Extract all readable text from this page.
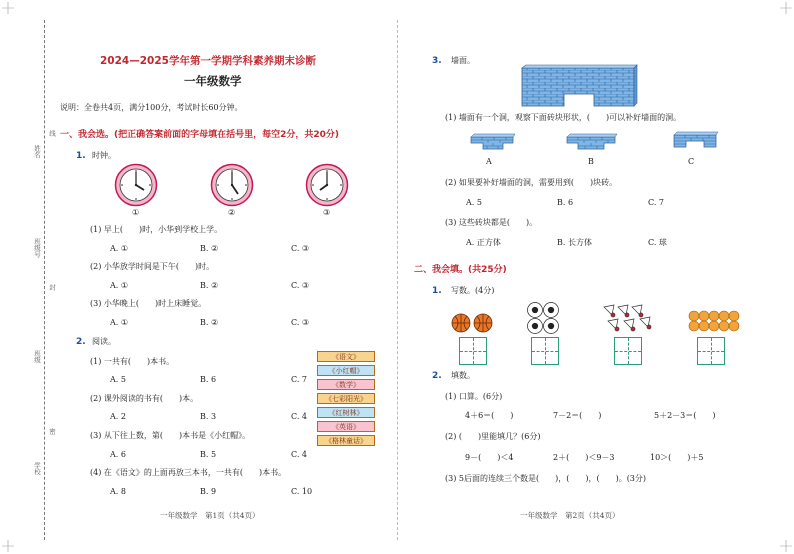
姓名
班级号
班级
学校
线
封
密
2024—2025学年第一学期学科素养期末诊断
一年级数学
说明：全卷共4页，满分100分，考试时长60分钟。
一、我会选。(把正确答案前面的字母填在括号里，每空2分，共20分)
1. 时钟。
①	②	③
(1) 早上(　　)时，小华到学校上学。
A. ①	B. ②	C. ③
(2) 小华放学时间是下午(　　)时。
A. ①	B. ②	C. ③
(3) 小华晚上(　　)时上床睡觉。
A. ①	B. ②	C. ③
2. 阅读。
《语文》
《小红帽》
《数学》
《七彩阳光》
《红树林》
《英语》
《格林童话》
(1) 一共有(　　)本书。
A. 5	B. 6	C. 7
(2) 课外阅读的书有(　　)本。
A. 2	B. 3	C. 4
(3) 从下往上数，第(　　)本书是《小红帽》。
A. 6	B. 5	C. 4
(4) 在《语文》的上面再放三本书，一共有(　　)本书。
A. 8	B. 9	C. 10
一年级数学　第1页（共4页）
3. 墙面。
(1) 墙面有一个洞，观察下面砖块形状，(　　)可以补好墙面的洞。
A	B	C
(2) 如果要补好墙面的洞，需要用到(　　)块砖。
A. 5	B. 6	C. 7
(3) 这些砖块都是(　　)。
A. 正方体	B. 长方体	C. 球
二、我会填。(共25分)
1. 写数。(4分)
2. 填数。
(1) 口算。(6分)
4＋6＝(　　)	7－2＝(　　)	5＋2－3＝(　　)
(2) (　　)里能填几？(6分)
9－(　　)＜4	2＋(　　)＜9－3	10＞(　　)＋5
(3) 5后面的连续三个数是(　　)，(　　)，(　　)。(3分)
一年级数学　第2页（共4页）
